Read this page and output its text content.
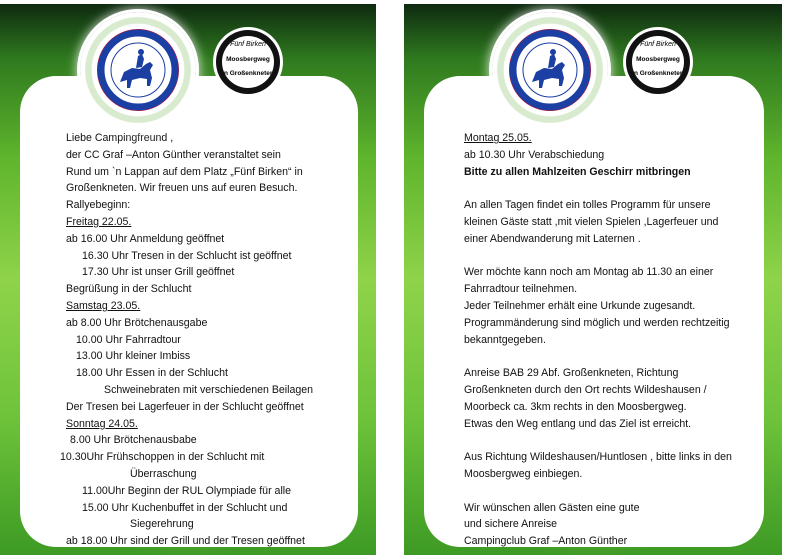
Fünf Birken
Moosbergweg
in Großenkneten
Liebe Campingfreund ,
der CC Graf –Anton Günther veranstaltet sein
Rund um `n Lappan auf dem Platz „Fünf Birken“ in
Großenkneten. Wir freuen uns auf euren Besuch.
Rallyebeginn:
Freitag 22.05.
ab 16.00 Uhr Anmeldung geöffnet
16.30 Uhr Tresen in der Schlucht ist geöffnet
17.30 Uhr ist unser Grill geöffnet
Begrüßung in der Schlucht
Samstag 23.05.
ab 8.00 Uhr Brötchenausgabe
10.00 Uhr Fahrradtour
13.00 Uhr kleiner Imbiss
18.00 Uhr Essen in der Schlucht
Schweinebraten mit verschiedenen Beilagen
Der Tresen bei Lagerfeuer in der Schlucht geöffnet
Sonntag 24.05.
8.00 Uhr Brötchenausbabe
10.30Uhr Frühschoppen in der Schlucht mit
Überraschung
11.00Uhr Beginn der RUL Olympiade für alle
15.00 Uhr Kuchenbuffet in der Schlucht und
Siegerehrung
ab 18.00 Uhr sind der Grill und der Tresen geöffnet
Fünf Birken
Moosbergweg
in Großenkneten
Montag 25.05.
ab 10.30 Uhr Verabschiedung
Bitte zu allen Mahlzeiten Geschirr mitbringen
An allen Tagen findet ein tolles Programm für unsere
kleinen Gäste statt ,mit vielen Spielen ,Lagerfeuer und
einer Abendwanderung mit Laternen .
Wer möchte kann noch am Montag ab 11.30 an einer
Fahrradtour teilnehmen.
Jeder Teilnehmer erhält eine Urkunde zugesandt.
Programmänderung sind möglich und werden rechtzeitig
bekanntgegeben.
Anreise BAB 29 Abf. Großenkneten, Richtung
Großenkneten durch den Ort rechts Wildeshausen /
Moorbeck ca. 3km rechts in den Moosbergweg.
Etwas den Weg entlang und das Ziel ist erreicht.
Aus Richtung Wildeshausen/Huntlosen , bitte links in den
Moosbergweg einbiegen.
Wir wünschen allen Gästen eine gute
und sichere Anreise
Campingclub Graf –Anton Günther
